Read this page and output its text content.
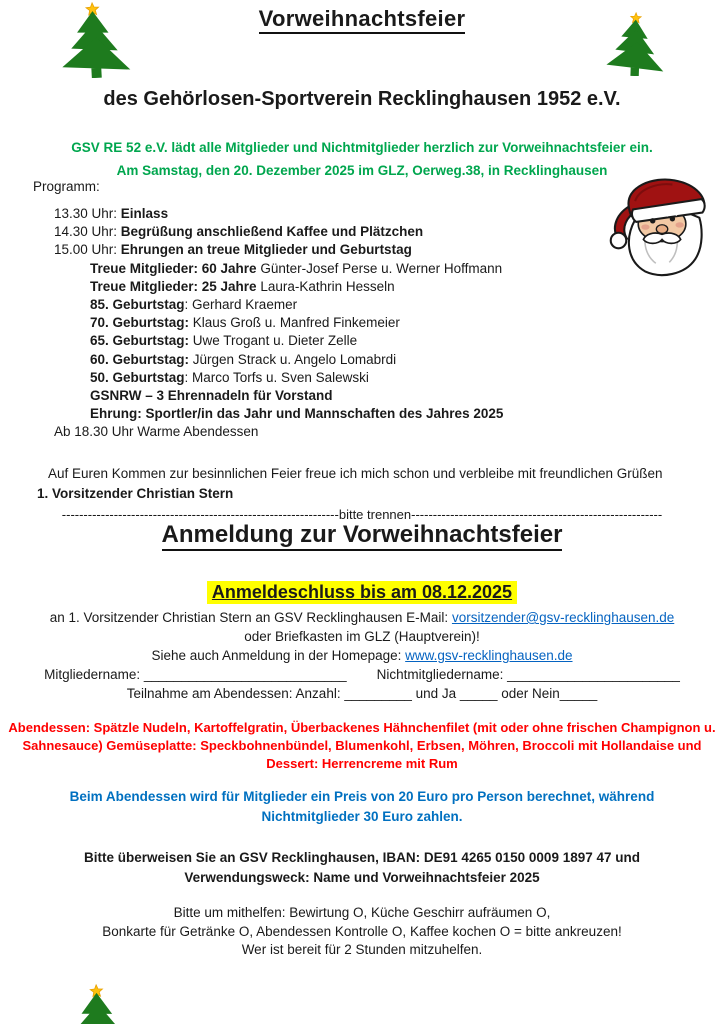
Vorweihnachtsfeier
des Gehörlosen-Sportverein Recklinghausen 1952 e.V.
GSV RE 52 e.V. lädt alle Mitglieder und Nichtmitglieder herzlich zur Vorweihnachtsfeier ein.
Am Samstag, den 20. Dezember 2025 im GLZ, Oerweg.38, in Recklinghausen
Programm:
13.30 Uhr: Einlass
14.30 Uhr: Begrüßung anschließend Kaffee und Plätzchen
15.00 Uhr: Ehrungen an treue Mitglieder und Geburtstag
Treue Mitglieder: 60 Jahre Günter-Josef Perse u. Werner Hoffmann
Treue Mitglieder: 25 Jahre Laura-Kathrin Hesseln
85. Geburtstag: Gerhard Kraemer
70. Geburtstag: Klaus Groß u. Manfred Finkemeier
65. Geburtstag: Uwe Trogant u. Dieter Zelle
60. Geburtstag: Jürgen Strack u. Angelo Lomabrdi
50. Geburtstag: Marco Torfs u. Sven Salewski
GSNRW – 3 Ehrennadeln für Vorstand
Ehrung: Sportler/in das Jahr und Mannschaften des Jahres 2025
Ab 18.30 Uhr Warme Abendessen
Auf Euren Kommen zur besinnlichen Feier freue ich mich schon und verbleibe mit freundlichen Grüßen
1. Vorsitzender Christian Stern
----------------------------------------------------------------bitte trennen----------------------------------------------------------
Anmeldung zur Vorweihnachtsfeier
Anmeldeschluss bis am 08.12.2025
an 1. Vorsitzender Christian Stern an GSV Recklinghausen E-Mail: vorsitzender@gsv-recklinghausen.de
oder Briefkasten im GLZ (Hauptverein)!
Siehe auch Anmeldung in der Homepage: www.gsv-recklinghausen.de
Mitgliedername: ___________________________        Nichtmitgliedername: _______________________
Teilnahme am Abendessen: Anzahl: _________ und Ja _____ oder Nein_____
Abendessen: Spätzle Nudeln, Kartoffelgratin, Überbackenes Hähnchenfilet (mit oder ohne frischen Champignon u.
Sahnesauce) Gemüseplatte: Speckbohnenbündel, Blumenkohl, Erbsen, Möhren, Broccoli mit Hollandaise und
Dessert: Herrencreme mit Rum
Beim Abendessen wird für Mitglieder ein Preis von 20 Euro pro Person berechnet, während
Nichtmitglieder 30 Euro zahlen.
Bitte überweisen Sie an GSV Recklinghausen, IBAN: DE91 4265 0150 0009 1897 47 und
Verwendungsweck: Name und Vorweihnachtsfeier 2025
Bitte um mithelfen: Bewirtung O, Küche Geschirr aufräumen O,
Bonkarte für Getränke O, Abendessen Kontrolle O, Kaffee kochen O = bitte ankreuzen!
Wer ist bereit für 2 Stunden mitzuhelfen.
